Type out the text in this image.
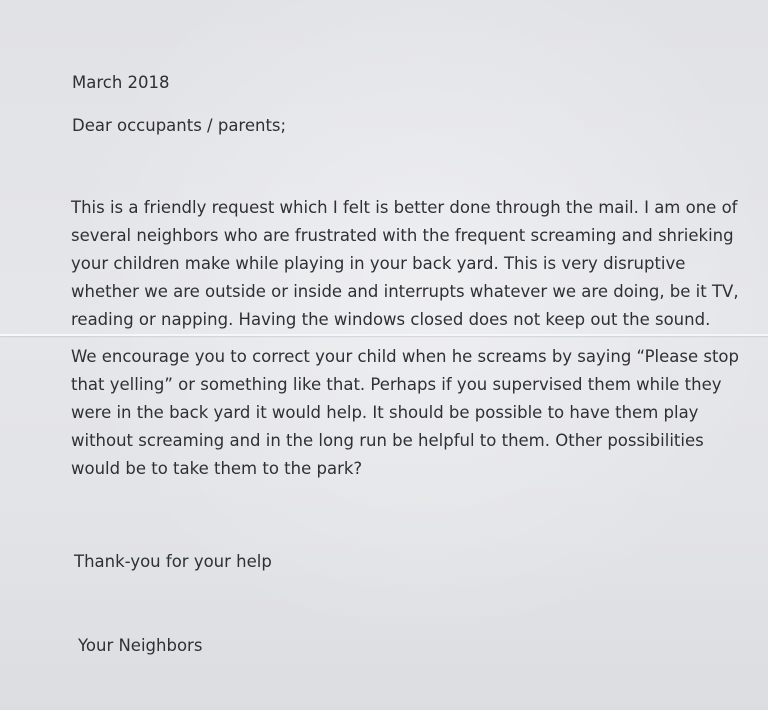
March 2018

Dear occupants / parents;

This is a friendly request which I felt is better done through the mail. I am one of
several neighbors who are frustrated with the frequent screaming and shrieking
your children make while playing in your back yard. This is very disruptive
whether we are outside or inside and interrupts whatever we are doing, be it TV,
reading or napping. Having the windows closed does not keep out the sound.
We encourage you to correct your child when he screams by saying “Please stop
that yelling” or something like that. Perhaps if you supervised them while they
were in the back yard it would help. It should be possible to have them play
without screaming and in the long run be helpful to them. Other possibilities
would be to take them to the park?

Thank-you for your help

Your Neighbors
